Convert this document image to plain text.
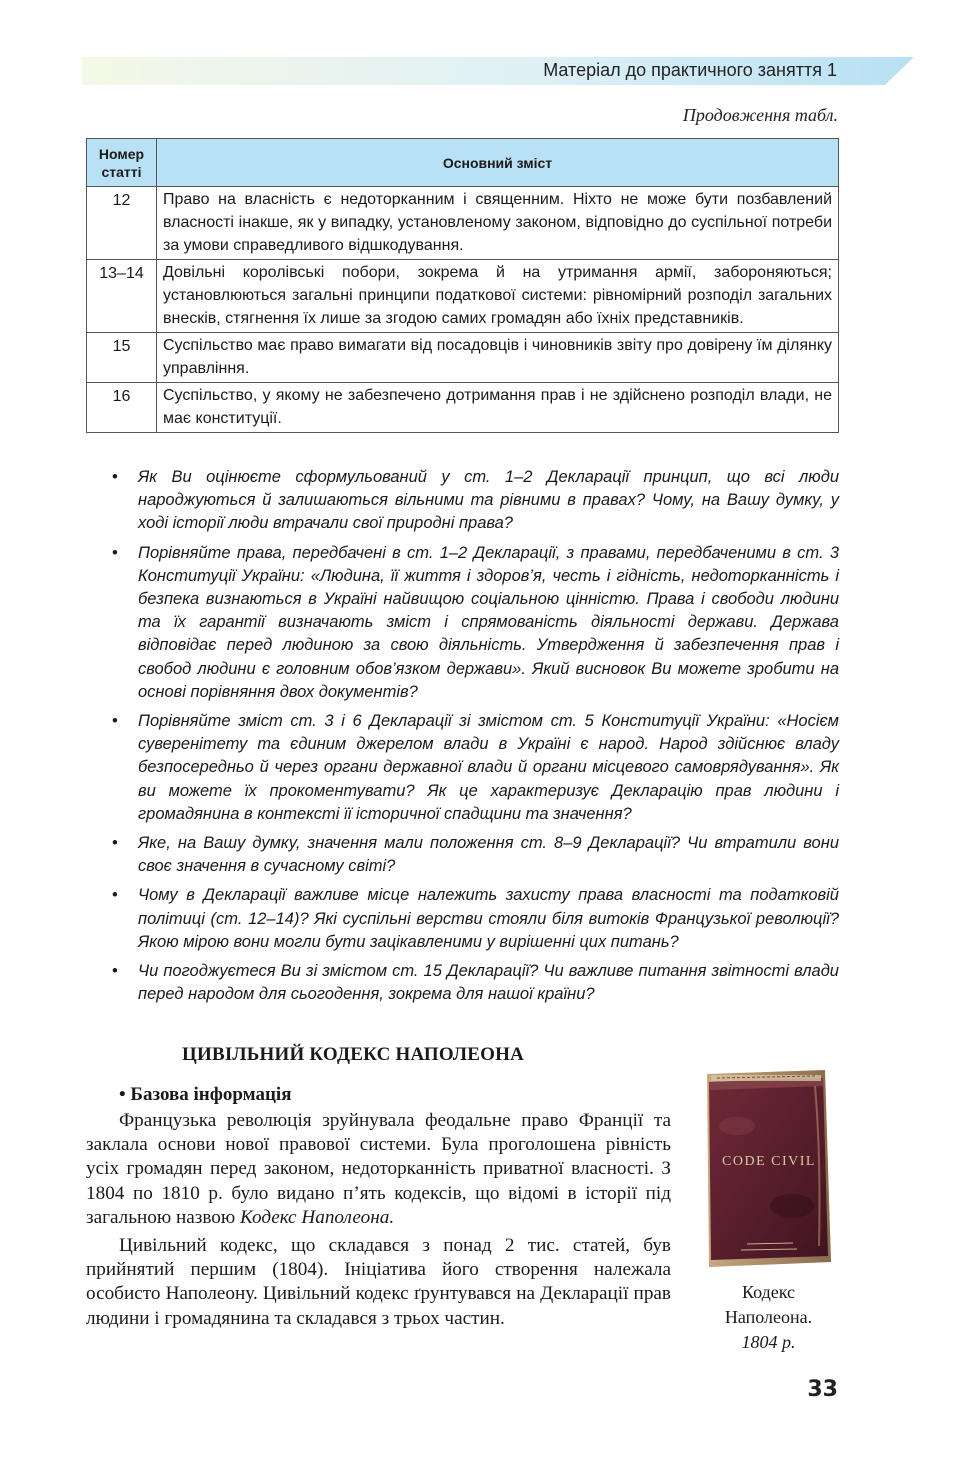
Матеріал до практичного заняття 1
Продовження табл.
Номер статті	Основний зміст
12	Право на власність є недоторканним і священним. Ніхто не може бути позбавлений власності інакше, як у випадку, установленому законом, відповідно до суспільної потреби за умови справедливого відшкодування.
13–14	Довільні королівські побори, зокрема й на утримання армії, забороняються; установлюються загальні принципи податкової системи: рівномірний розподіл загальних внесків, стягнення їх лише за згодою самих громадян або їхніх представників.
15	Суспільство має право вимагати від посадовців і чиновників звіту про довірену їм ділянку управління.
16	Суспільство, у якому не забезпечено дотримання прав і не здійснено розподіл влади, не має конституції.
• Як Ви оцінюєте сформульований у ст. 1–2 Декларації принцип, що всі люди народжуються й залишаються вільними та рівними в правах? Чому, на Вашу думку, у ході історії люди втрачали свої природні права?
• Порівняйте права, передбачені в ст. 1–2 Декларації, з правами, передбаченими в ст. 3 Конституції України: «Людина, її життя і здоров’я, честь і гідність, недоторканність і безпека визнаються в Україні найвищою соціальною цінністю. Права і свободи людини та їх гарантії визначають зміст і спрямованість діяльності держави. Держава відповідає перед людиною за свою діяльність. Утвердження й забезпечення прав і свобод людини є головним обов’язком держави». Який висновок Ви можете зробити на основі порівняння двох документів?
• Порівняйте зміст ст. 3 і 6 Декларації зі змістом ст. 5 Конституції України: «Носієм суверенітету та єдиним джерелом влади в Україні є народ. Народ здійснює владу безпосередньо й через органи державної влади й органи місцевого самоврядування». Як ви можете їх прокоментувати? Як це характеризує Декларацію прав людини і громадянина в контексті її історичної спадщини та значення?
• Яке, на Вашу думку, значення мали положення ст. 8–9 Декларації? Чи втратили вони своє значення в сучасному світі?
• Чому в Декларації важливе місце належить захисту права власності та податковій політиці (ст. 12–14)? Які суспільні верстви стояли біля витоків Французької революції? Якою мірою вони могли бути зацікавленими у вирішенні цих питань?
• Чи погоджуєтеся Ви зі змістом ст. 15 Декларації? Чи важливе питання звітності влади перед народом для сьогодення, зокрема для нашої країни?
ЦИВІЛЬНИЙ КОДЕКС НАПОЛЕОНА
• Базова інформація

Французька революція зруйнувала феодальне право Франції та заклала основи нової правової системи. Була проголошена рівність усіх громадян перед законом, недоторканність приватної власності. З 1804 по 1810 р. було видано п’ять кодексів, що відомі в історії під загальною назвою Кодекс Наполеона.

Цивільний кодекс, що складався з понад 2 тис. статей, був прийнятий першим (1804). Ініціатива його створення належала особисто Наполеону. Цивільний кодекс ґрунтувався на Декларації прав людини і громадянина та складався з трьох частин.

CODE CIVIL
Кодекс
Наполеона.
1804 р.
33
